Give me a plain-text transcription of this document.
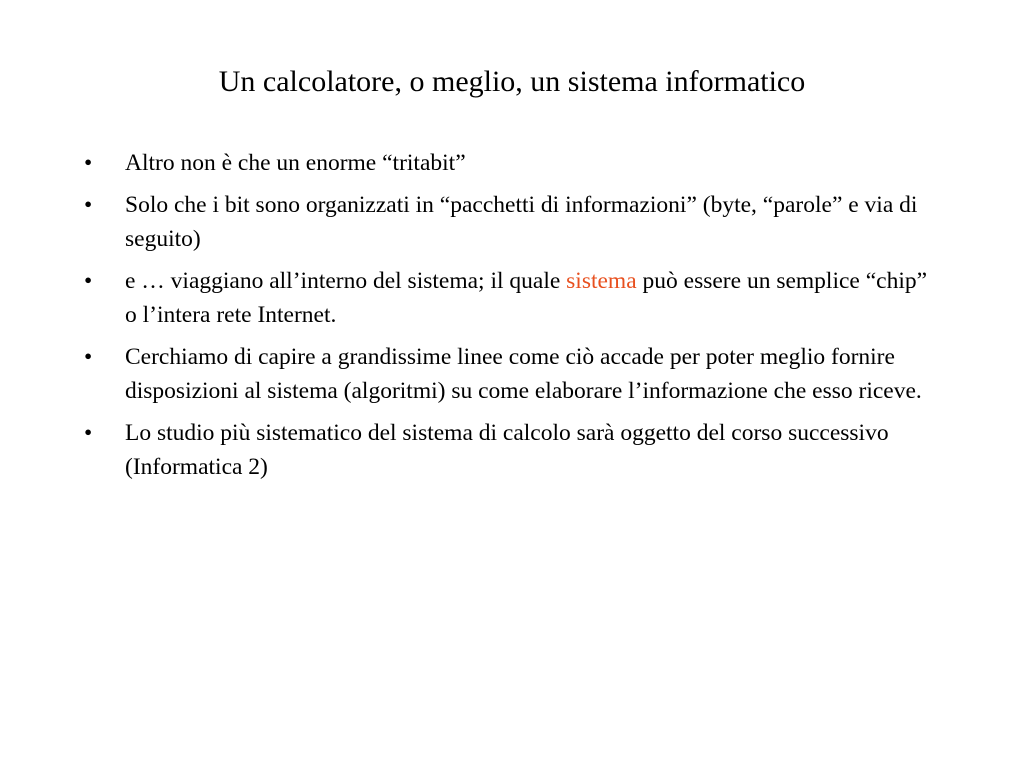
Un calcolatore, o meglio, un sistema informatico
•	Altro non è che un enorme “tritabit”
•	Solo che i bit sono organizzati in “pacchetti di informazioni” (byte, “parole” e via di seguito)
•	e … viaggiano all’interno del sistema; il quale sistema può essere un semplice “chip” o l’intera rete Internet.
•	Cerchiamo di capire a grandissime linee come ciò accade per poter meglio fornire disposizioni al sistema (algoritmi) su come elaborare l’informazione che esso riceve.
•	Lo studio più sistematico del sistema di calcolo sarà oggetto del corso successivo (Informatica 2)
